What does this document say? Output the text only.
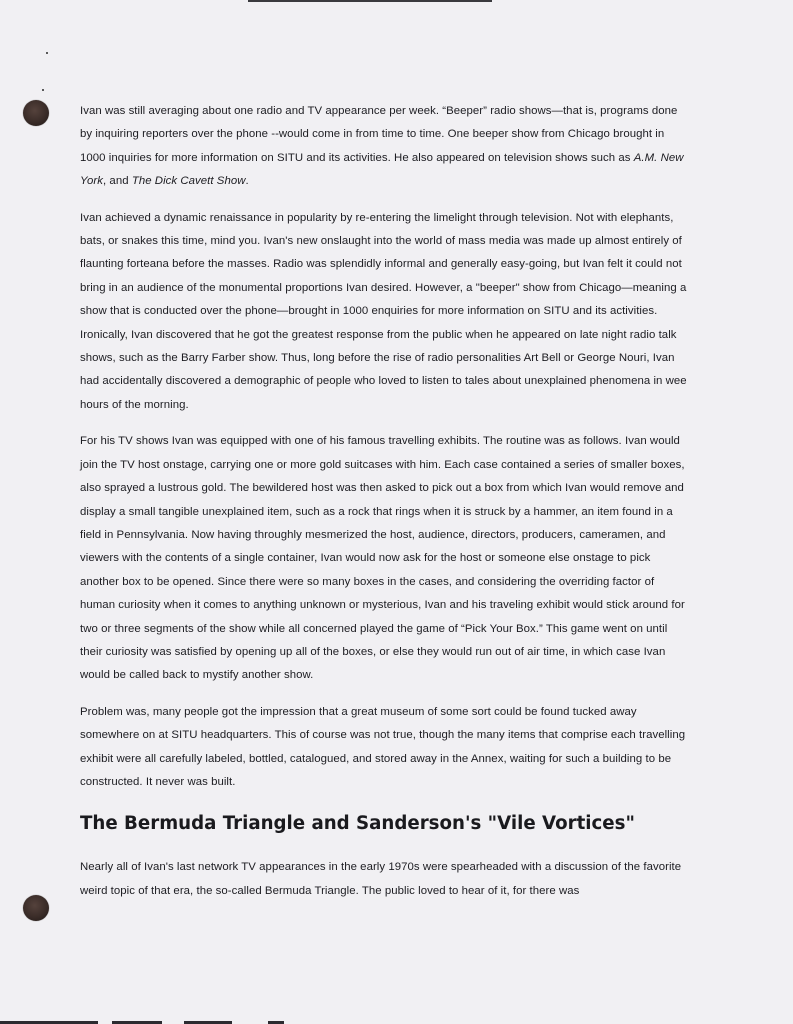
Ivan was still averaging about one radio and TV appearance per week. “Beeper” radio shows—that is, programs done by inquiring reporters over the phone --would come in from time to time. One beeper show from Chicago brought in 1000 inquiries for more information on SITU and its activities. He also appeared on television shows such as A.M. New York, and The Dick Cavett Show.

Ivan achieved a dynamic renaissance in popularity by re-entering the limelight through television. Not with elephants, bats, or snakes this time, mind you. Ivan's new onslaught into the world of mass media was made up almost entirely of flaunting forteana before the masses. Radio was splendidly informal and generally easy-going, but Ivan felt it could not bring in an audience of the monumental proportions Ivan desired. However, a "beeper" show from Chicago—meaning a show that is conducted over the phone—brought in 1000 enquiries for more information on SITU and its activities. Ironically, Ivan discovered that he got the greatest response from the public when he appeared on late night radio talk shows, such as the Barry Farber show. Thus, long before the rise of radio personalities Art Bell or George Nouri, Ivan had accidentally discovered a demographic of people who loved to listen to tales about unexplained phenomena in wee hours of the morning.

For his TV shows Ivan was equipped with one of his famous travelling exhibits. The routine was as follows. Ivan would join the TV host onstage, carrying one or more gold suitcases with him. Each case contained a series of smaller boxes, also sprayed a lustrous gold. The bewildered host was then asked to pick out a box from which Ivan would remove and display a small tangible unexplained item, such as a rock that rings when it is struck by a hammer, an item found in a field in Pennsylvania. Now having throughly mesmerized the host, audience, directors, producers, cameramen, and viewers with the contents of a single container, Ivan would now ask for the host or someone else onstage to pick another box to be opened. Since there were so many boxes in the cases, and considering the overriding factor of human curiosity when it comes to anything unknown or mysterious, Ivan and his traveling exhibit would stick around for two or three segments of the show while all concerned played the game of “Pick Your Box.” This game went on until their curiosity was satisfied by opening up all of the boxes, or else they would run out of air time, in which case Ivan would be called back to mystify another show.

Problem was, many people got the impression that a great museum of some sort could be found tucked away somewhere on at SITU headquarters. This of course was not true, though the many items that comprise each travelling exhibit were all carefully labeled, bottled, catalogued, and stored away in the Annex, waiting for such a building to be constructed. It never was built.

The Bermuda Triangle and Sanderson's "Vile Vortices"

Nearly all of Ivan's last network TV appearances in the early 1970s were spearheaded with a discussion of the favorite weird topic of that era, the so-called Bermuda Triangle. The public loved to hear of it, for there was
